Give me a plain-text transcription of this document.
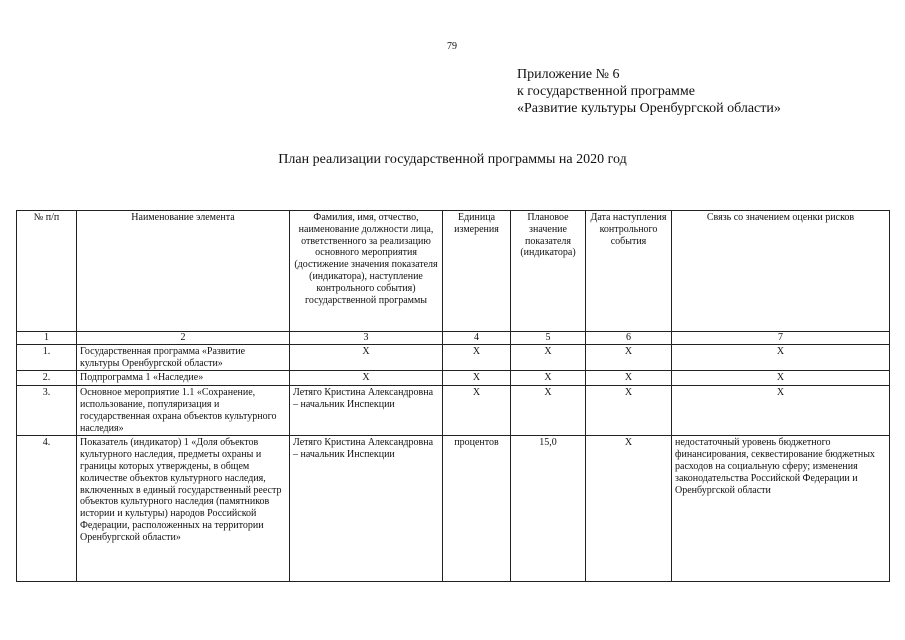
79
Приложение № 6
к государственной программе
«Развитие культуры Оренбургской области»
План реализации государственной программы на 2020 год
№ п/п	Наименование элемента	Фамилия, имя, отчество, наименование должности лица, ответственного за реализацию основного мероприятия (достижение значения показателя (индикатора), наступление контрольного события) государственной программы	Единица измерения	Плановое значение показателя (индикатора)	Дата наступления контрольного события	Связь со значением оценки рисков
1	2	3	4	5	6	7
1.	Государственная программа «Развитие культуры Оренбургской области»	X	X	X	X	X
2.	Подпрограмма 1 «Наследие»	X	X	X	X	X
3.	Основное мероприятие 1.1 «Сохранение, использование, популяризация и государственная охрана объектов культурного наследия»	Летяго Кристина Александровна – начальник Инспекции	X	X	X	X
4.	Показатель (индикатор) 1 «Доля объектов культурного наследия, предметы охраны и границы которых утверждены, в общем количестве объектов культурного наследия, включенных в единый государственный реестр объектов культурного наследия (памятников истории и культуры) народов Российской Федерации, расположенных на территории Оренбургской области»	Летяго Кристина Александровна – начальник Инспекции	процентов	15,0	X	недостаточный уровень бюджетного финансирования, секвестирование бюджетных расходов на социальную сферу; изменения законодательства Российской Федерации и Оренбургской области
